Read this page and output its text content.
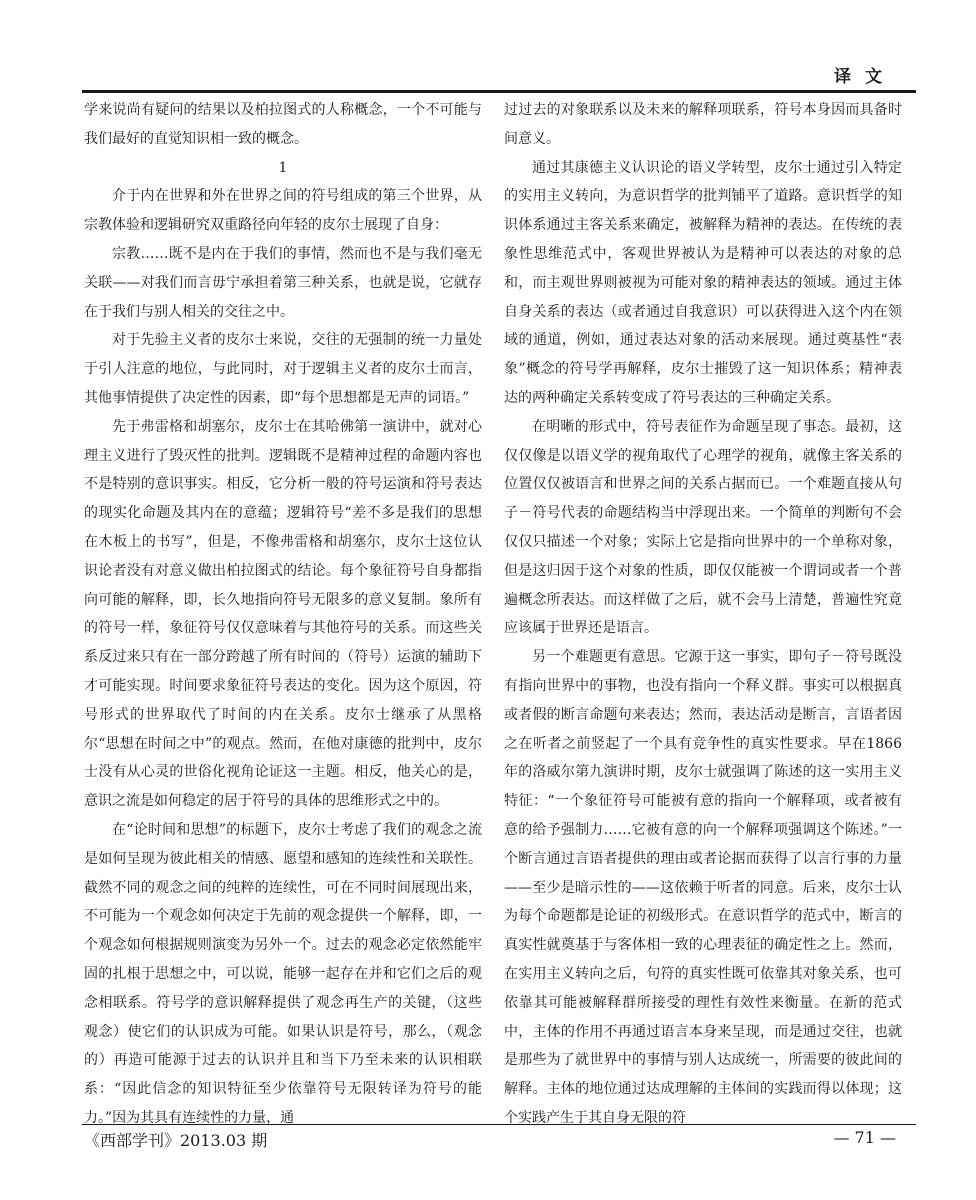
译文

学来说尚有疑问的结果以及柏拉图式的人称概念，一个不可能与我们最好的直觉知识相一致的概念。

1

介于内在世界和外在世界之间的符号组成的第三个世界，从宗教体验和逻辑研究双重路径向年轻的皮尔士展现了自身：

宗教……既不是内在于我们的事情，然而也不是与我们毫无关联——对我们而言毋宁承担着第三种关系，也就是说，它就存在于我们与别人相关的交往之中。

对于先验主义者的皮尔士来说，交往的无强制的统一力量处于引人注意的地位，与此同时，对于逻辑主义者的皮尔士而言，其他事情提供了决定性的因素，即“每个思想都是无声的词语。”

先于弗雷格和胡塞尔，皮尔士在其哈佛第一演讲中，就对心理主义进行了毁灭性的批判。逻辑既不是精神过程的命题内容也不是特别的意识事实。相反，它分析一般的符号运演和符号表达的现实化命题及其内在的意蕴；逻辑符号“差不多是我们的思想在木板上的书写”，但是，不像弗雷格和胡塞尔，皮尔士这位认识论者没有对意义做出柏拉图式的结论。每个象征符号自身都指向可能的解释，即，长久地指向符号无限多的意义复制。象所有的符号一样，象征符号仅仅意味着与其他符号的关系。而这些关系反过来只有在一部分跨越了所有时间的（符号）运演的辅助下才可能实现。时间要求象征符号表达的变化。因为这个原因，符号形式的世界取代了时间的内在关系。皮尔士继承了从黑格尔“思想在时间之中”的观点。然而，在他对康德的批判中，皮尔士没有从心灵的世俗化视角论证这一主题。相反，他关心的是，意识之流是如何稳定的居于符号的具体的思维形式之中的。

在“论时间和思想”的标题下，皮尔士考虑了我们的观念之流是如何呈现为彼此相关的情感、愿望和感知的连续性和关联性。截然不同的观念之间的纯粹的连续性，可在不同时间展现出来，不可能为一个观念如何决定于先前的观念提供一个解释，即，一个观念如何根据规则演变为另外一个。过去的观念必定依然能牢固的扎根于思想之中，可以说，能够一起存在并和它们之后的观念相联系。符号学的意识解释提供了观念再生产的关键，（这些观念）使它们的认识成为可能。如果认识是符号，那么，（观念的）再造可能源于过去的认识并且和当下乃至未来的认识相联系：“因此信念的知识特征至少依靠符号无限转译为符号的能力。”因为其具有连续性的力量，通

过过去的对象联系以及未来的解释项联系，符号本身因而具备时间意义。

通过其康德主义认识论的语义学转型，皮尔士通过引入特定的实用主义转向，为意识哲学的批判铺平了道路。意识哲学的知识体系通过主客关系来确定，被解释为精神的表达。在传统的表象性思维范式中，客观世界被认为是精神可以表达的对象的总和，而主观世界则被视为可能对象的精神表达的领域。通过主体自身关系的表达（或者通过自我意识）可以获得进入这个内在领域的通道，例如，通过表达对象的活动来展现。通过奠基性“表象”概念的符号学再解释，皮尔士摧毁了这一知识体系；精神表达的两种确定关系转变成了符号表达的三种确定关系。

在明晰的形式中，符号表征作为命题呈现了事态。最初，这仅仅像是以语义学的视角取代了心理学的视角，就像主客关系的位置仅仅被语言和世界之间的关系占据而已。一个难题直接从句子－符号代表的命题结构当中浮现出来。一个简单的判断句不会仅仅只描述一个对象；实际上它是指向世界中的一个单称对象，但是这归因于这个对象的性质，即仅仅能被一个谓词或者一个普遍概念所表达。而这样做了之后，就不会马上清楚，普遍性究竟应该属于世界还是语言。

另一个难题更有意思。它源于这一事实，即句子－符号既没有指向世界中的事物，也没有指向一个释义群。事实可以根据真或者假的断言命题句来表达；然而，表达活动是断言，言语者因之在听者之前竖起了一个具有竞争性的真实性要求。早在1866年的洛威尔第九演讲时期，皮尔士就强调了陈述的这一实用主义特征：“一个象征符号可能被有意的指向一个解释项，或者被有意的给予强制力……它被有意的向一个解释项强调这个陈述。”一个断言通过言语者提供的理由或者论据而获得了以言行事的力量——至少是暗示性的——这依赖于听者的同意。后来，皮尔士认为每个命题都是论证的初级形式。在意识哲学的范式中，断言的真实性就奠基于与客体相一致的心理表征的确定性之上。然而，在实用主义转向之后，句符的真实性既可依靠其对象关系，也可依靠其可能被解释群所接受的理性有效性来衡量。在新的范式中，主体的作用不再通过语言本身来呈现，而是通过交往，也就是那些为了就世界中的事情与别人达成统一，所需要的彼此间的解释。主体的地位通过达成理解的主体间的实践而得以体现；这个实践产生于其自身无限的符

《西部学刊》2013.03 期	— 71 —
